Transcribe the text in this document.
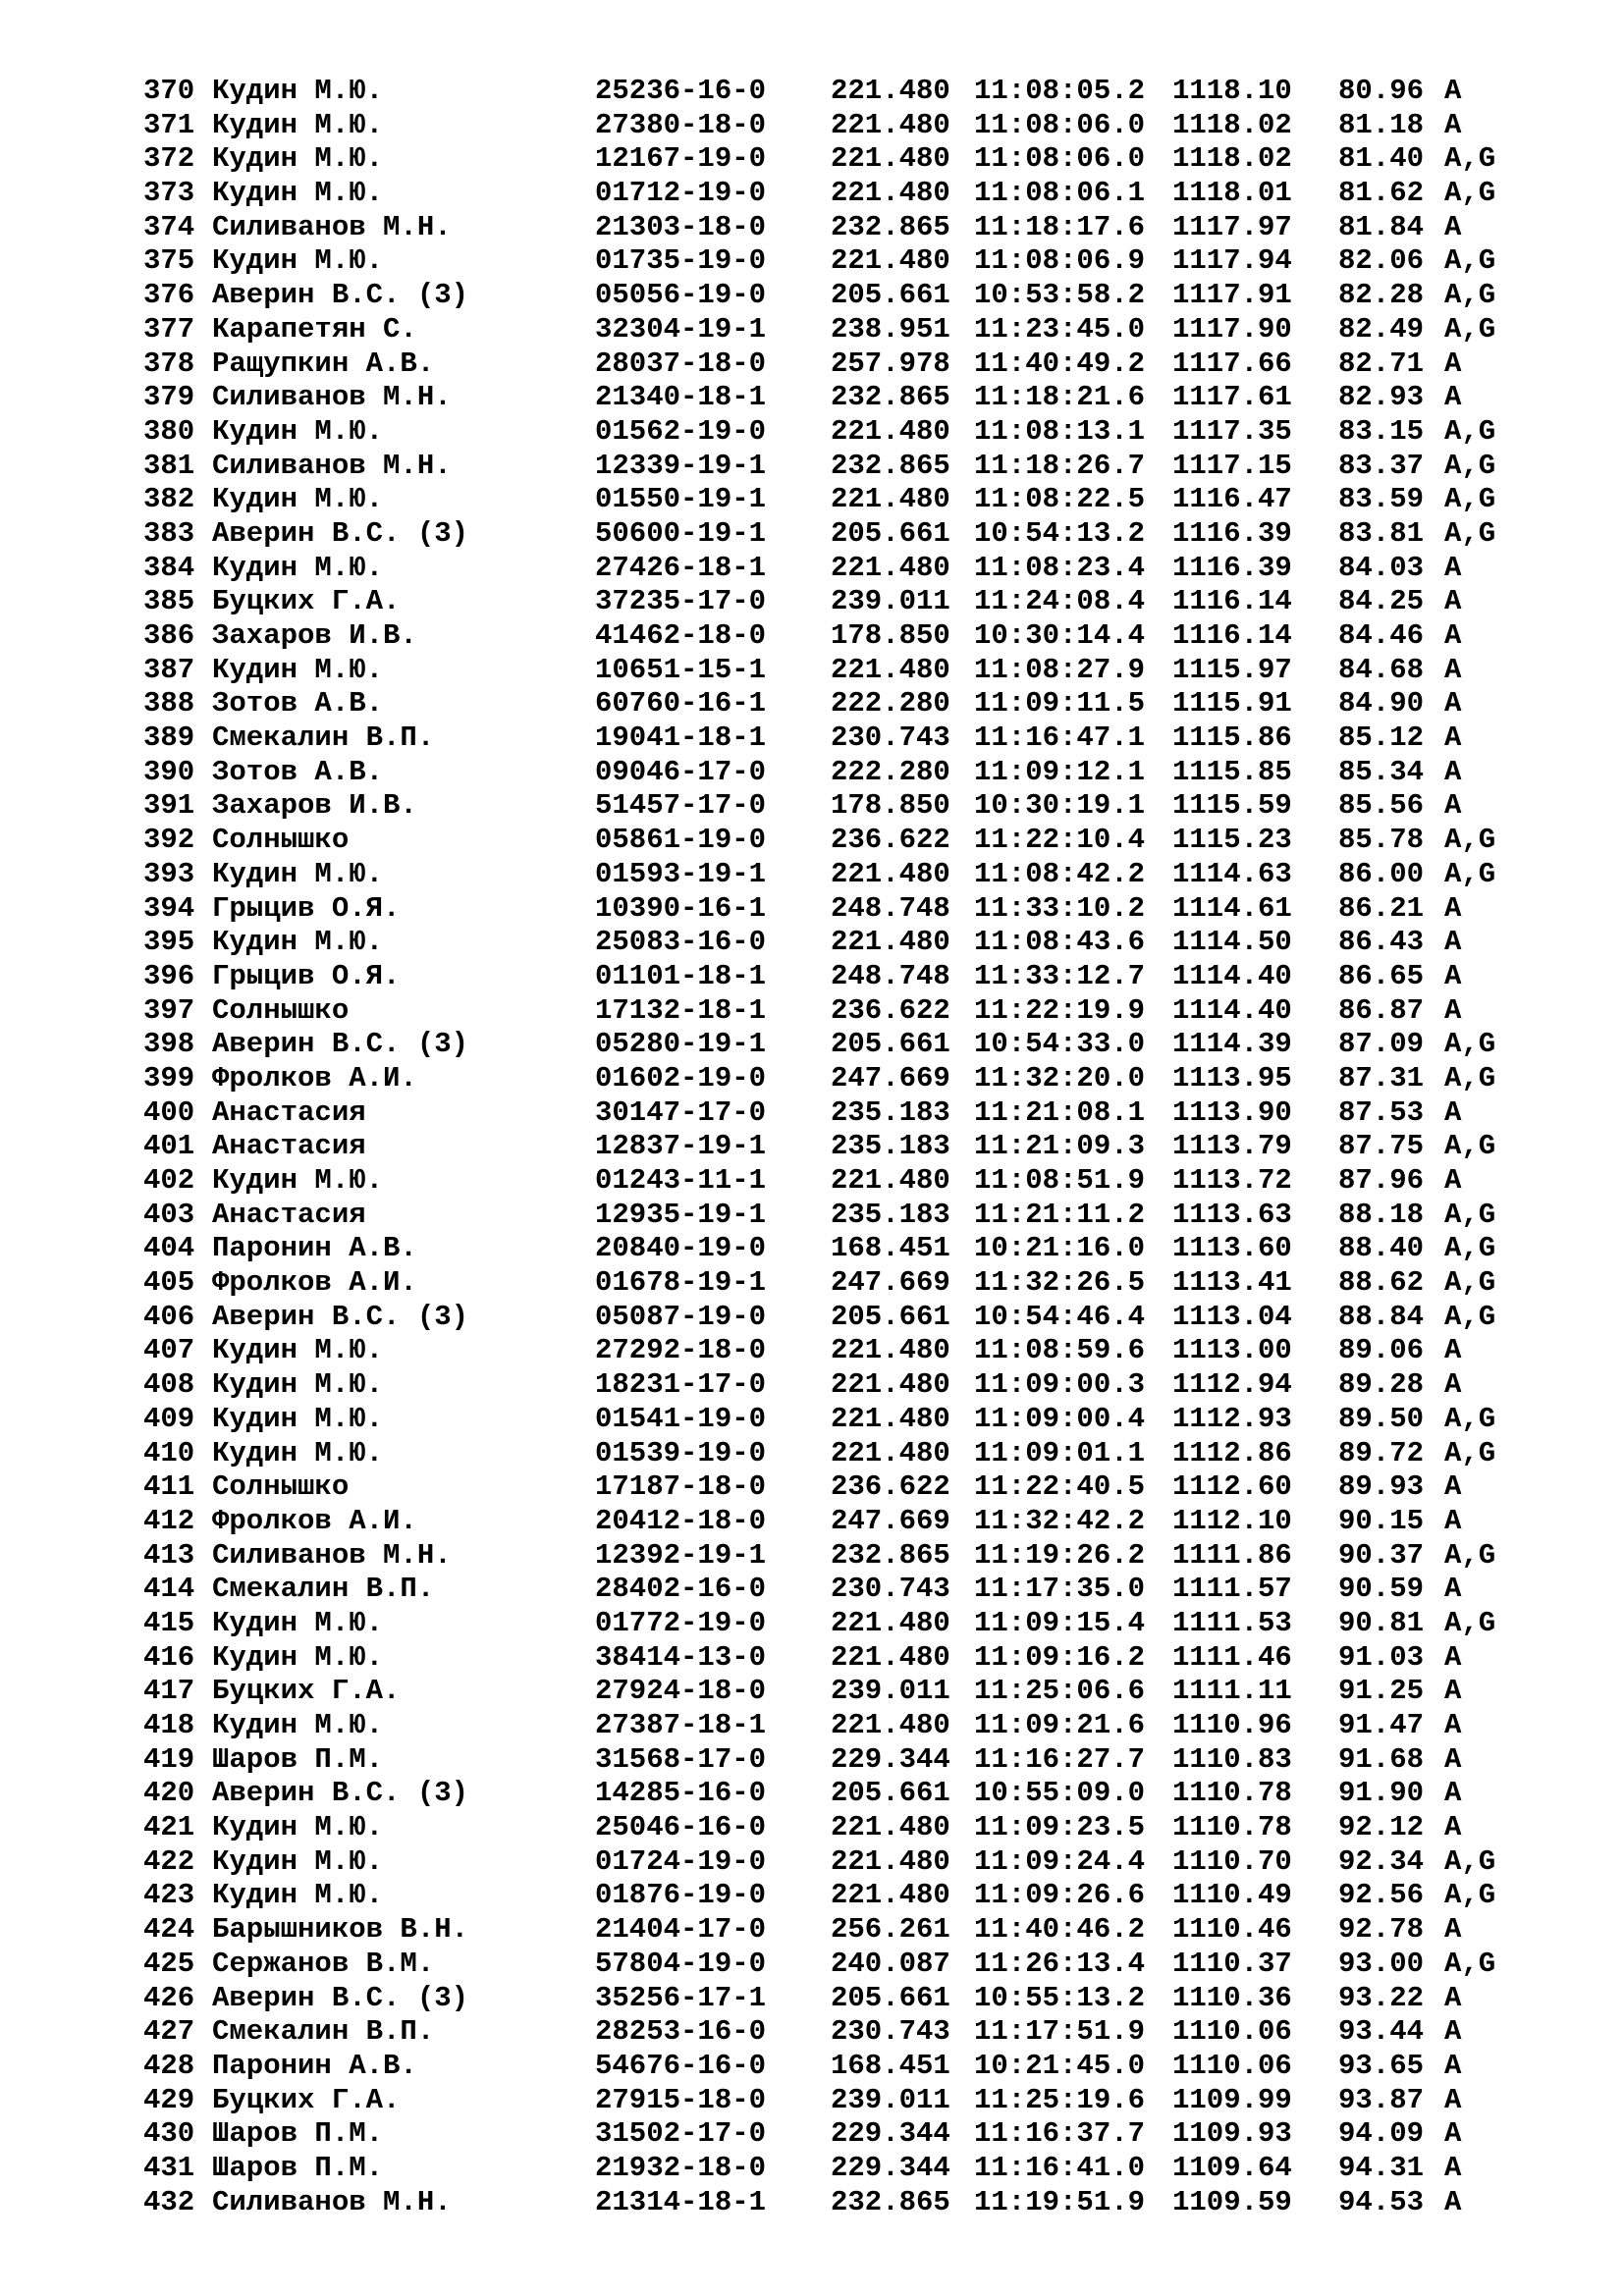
370 Кудин М.Ю.	25236-16-0 221.480 11:08:05.2 1118.10 80.96 A
371 Кудин М.Ю.	27380-18-0 221.480 11:08:06.0 1118.02 81.18 A
372 Кудин М.Ю.	12167-19-0 221.480 11:08:06.0 1118.02 81.40 A,G
373 Кудин М.Ю.	01712-19-0 221.480 11:08:06.1 1118.01 81.62 A,G
374 Силиванов М.Н.	21303-18-0 232.865 11:18:17.6 1117.97 81.84 A
375 Кудин М.Ю.	01735-19-0 221.480 11:08:06.9 1117.94 82.06 A,G
376 Аверин В.С. (3)	05056-19-0 205.661 10:53:58.2 1117.91 82.28 A,G
377 Карапетян С.	32304-19-1 238.951 11:23:45.0 1117.90 82.49 A,G
378 Ращупкин А.В.	28037-18-0 257.978 11:40:49.2 1117.66 82.71 A
379 Силиванов М.Н.	21340-18-1 232.865 11:18:21.6 1117.61 82.93 A
380 Кудин М.Ю.	01562-19-0 221.480 11:08:13.1 1117.35 83.15 A,G
381 Силиванов М.Н.	12339-19-1 232.865 11:18:26.7 1117.15 83.37 A,G
382 Кудин М.Ю.	01550-19-1 221.480 11:08:22.5 1116.47 83.59 A,G
383 Аверин В.С. (3)	50600-19-1 205.661 10:54:13.2 1116.39 83.81 A,G
384 Кудин М.Ю.	27426-18-1 221.480 11:08:23.4 1116.39 84.03 A
385 Буцких Г.А.	37235-17-0 239.011 11:24:08.4 1116.14 84.25 A
386 Захаров И.В.	41462-18-0 178.850 10:30:14.4 1116.14 84.46 A
387 Кудин М.Ю.	10651-15-1 221.480 11:08:27.9 1115.97 84.68 A
388 Зотов А.В.	60760-16-1 222.280 11:09:11.5 1115.91 84.90 A
389 Смекалин В.П.	19041-18-1 230.743 11:16:47.1 1115.86 85.12 A
390 Зотов А.В.	09046-17-0 222.280 11:09:12.1 1115.85 85.34 A
391 Захаров И.В.	51457-17-0 178.850 10:30:19.1 1115.59 85.56 A
392 Солнышко	05861-19-0 236.622 11:22:10.4 1115.23 85.78 A,G
393 Кудин М.Ю.	01593-19-1 221.480 11:08:42.2 1114.63 86.00 A,G
394 Грыцив О.Я.	10390-16-1 248.748 11:33:10.2 1114.61 86.21 A
395 Кудин М.Ю.	25083-16-0 221.480 11:08:43.6 1114.50 86.43 A
396 Грыцив О.Я.	01101-18-1 248.748 11:33:12.7 1114.40 86.65 A
397 Солнышко	17132-18-1 236.622 11:22:19.9 1114.40 86.87 A
398 Аверин В.С. (3)	05280-19-1 205.661 10:54:33.0 1114.39 87.09 A,G
399 Фролков А.И.	01602-19-0 247.669 11:32:20.0 1113.95 87.31 A,G
400 Анастасия	30147-17-0 235.183 11:21:08.1 1113.90 87.53 A
401 Анастасия	12837-19-1 235.183 11:21:09.3 1113.79 87.75 A,G
402 Кудин М.Ю.	01243-11-1 221.480 11:08:51.9 1113.72 87.96 A
403 Анастасия	12935-19-1 235.183 11:21:11.2 1113.63 88.18 A,G
404 Паронин А.В.	20840-19-0 168.451 10:21:16.0 1113.60 88.40 A,G
405 Фролков А.И.	01678-19-1 247.669 11:32:26.5 1113.41 88.62 A,G
406 Аверин В.С. (3)	05087-19-0 205.661 10:54:46.4 1113.04 88.84 A,G
407 Кудин М.Ю.	27292-18-0 221.480 11:08:59.6 1113.00 89.06 A
408 Кудин М.Ю.	18231-17-0 221.480 11:09:00.3 1112.94 89.28 A
409 Кудин М.Ю.	01541-19-0 221.480 11:09:00.4 1112.93 89.50 A,G
410 Кудин М.Ю.	01539-19-0 221.480 11:09:01.1 1112.86 89.72 A,G
411 Солнышко	17187-18-0 236.622 11:22:40.5 1112.60 89.93 A
412 Фролков А.И.	20412-18-0 247.669 11:32:42.2 1112.10 90.15 A
413 Силиванов М.Н.	12392-19-1 232.865 11:19:26.2 1111.86 90.37 A,G
414 Смекалин В.П.	28402-16-0 230.743 11:17:35.0 1111.57 90.59 A
415 Кудин М.Ю.	01772-19-0 221.480 11:09:15.4 1111.53 90.81 A,G
416 Кудин М.Ю.	38414-13-0 221.480 11:09:16.2 1111.46 91.03 A
417 Буцких Г.А.	27924-18-0 239.011 11:25:06.6 1111.11 91.25 A
418 Кудин М.Ю.	27387-18-1 221.480 11:09:21.6 1110.96 91.47 A
419 Шаров П.М.	31568-17-0 229.344 11:16:27.7 1110.83 91.68 A
420 Аверин В.С. (3)	14285-16-0 205.661 10:55:09.0 1110.78 91.90 A
421 Кудин М.Ю.	25046-16-0 221.480 11:09:23.5 1110.78 92.12 A
422 Кудин М.Ю.	01724-19-0 221.480 11:09:24.4 1110.70 92.34 A,G
423 Кудин М.Ю.	01876-19-0 221.480 11:09:26.6 1110.49 92.56 A,G
424 Барышников В.Н.	21404-17-0 256.261 11:40:46.2 1110.46 92.78 A
425 Сержанов В.М.	57804-19-0 240.087 11:26:13.4 1110.37 93.00 A,G
426 Аверин В.С. (3)	35256-17-1 205.661 10:55:13.2 1110.36 93.22 A
427 Смекалин В.П.	28253-16-0 230.743 11:17:51.9 1110.06 93.44 A
428 Паронин А.В.	54676-16-0 168.451 10:21:45.0 1110.06 93.65 A
429 Буцких Г.А.	27915-18-0 239.011 11:25:19.6 1109.99 93.87 A
430 Шаров П.М.	31502-17-0 229.344 11:16:37.7 1109.93 94.09 A
431 Шаров П.М.	21932-18-0 229.344 11:16:41.0 1109.64 94.31 A
432 Силиванов М.Н.	21314-18-1 232.865 11:19:51.9 1109.59 94.53 A
